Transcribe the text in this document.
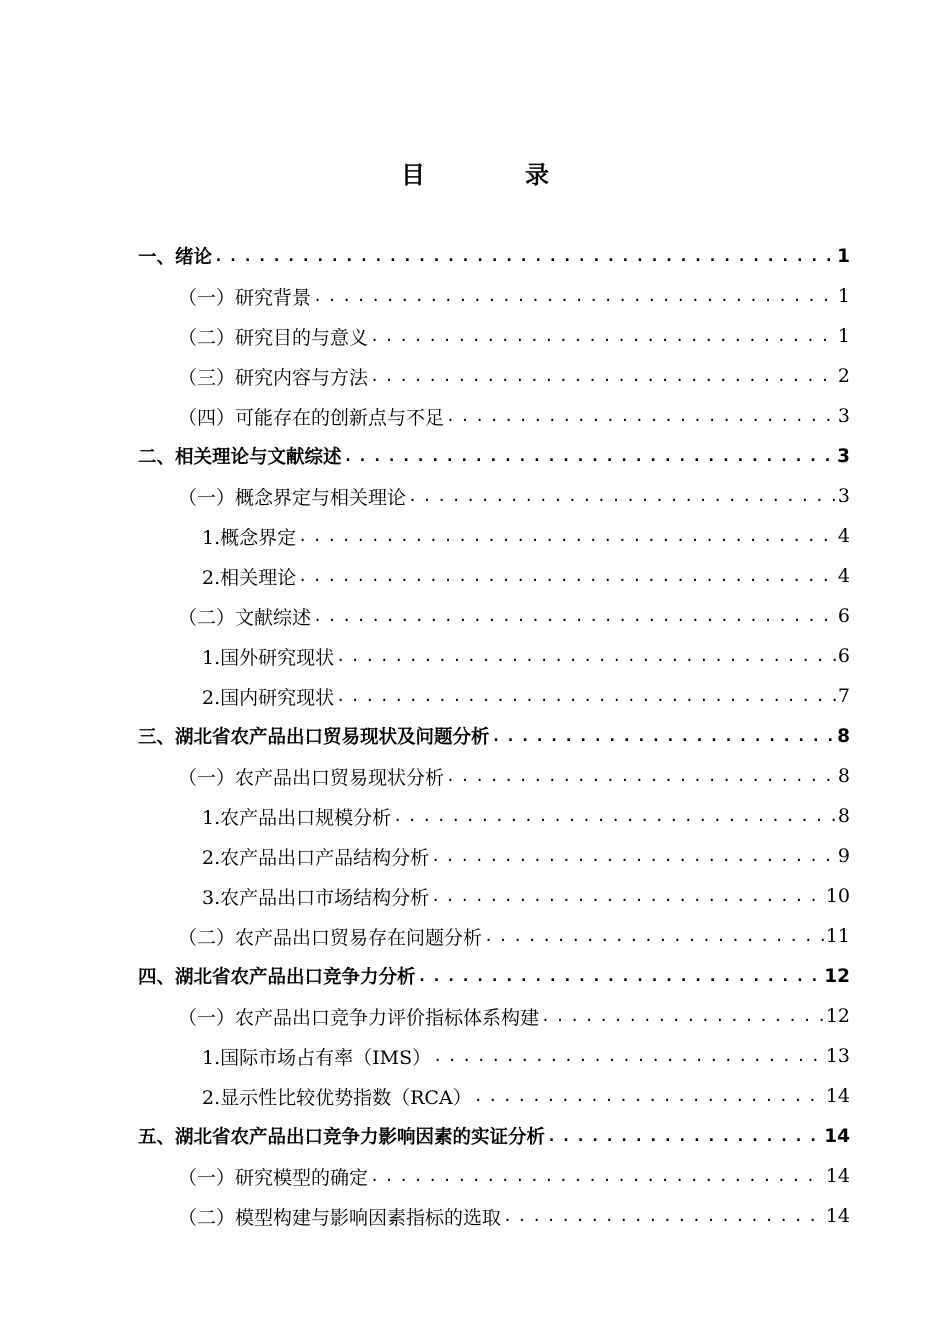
目	录
一、绪论 .....	1
（一）研究背景 .....	1
（二）研究目的与意义 .....	1
（三）研究内容与方法 .....	2
（四）可能存在的创新点与不足 .....	3
二、相关理论与文献综述 .....	3
（一）概念界定与相关理论 .....	3
1.概念界定 .....	4
2.相关理论 .....	4
（二）文献综述 .....	6
1.国外研究现状 .....	6
2.国内研究现状 .....	7
三、湖北省农产品出口贸易现状及问题分析 .....	8
（一）农产品出口贸易现状分析 .....	8
1.农产品出口规模分析 .....	8
2.农产品出口产品结构分析 .....	9
3.农产品出口市场结构分析 .....	10
（二）农产品出口贸易存在问题分析 .....	11
四、湖北省农产品出口竞争力分析 .....	12
（一）农产品出口竞争力评价指标体系构建 .....	12
1.国际市场占有率（IMS） .....	13
2.显示性比较优势指数（RCA） .....	14
五、湖北省农产品出口竞争力影响因素的实证分析 .....	14
（一）研究模型的确定 .....	14
（二）模型构建与影响因素指标的选取 .....	14
